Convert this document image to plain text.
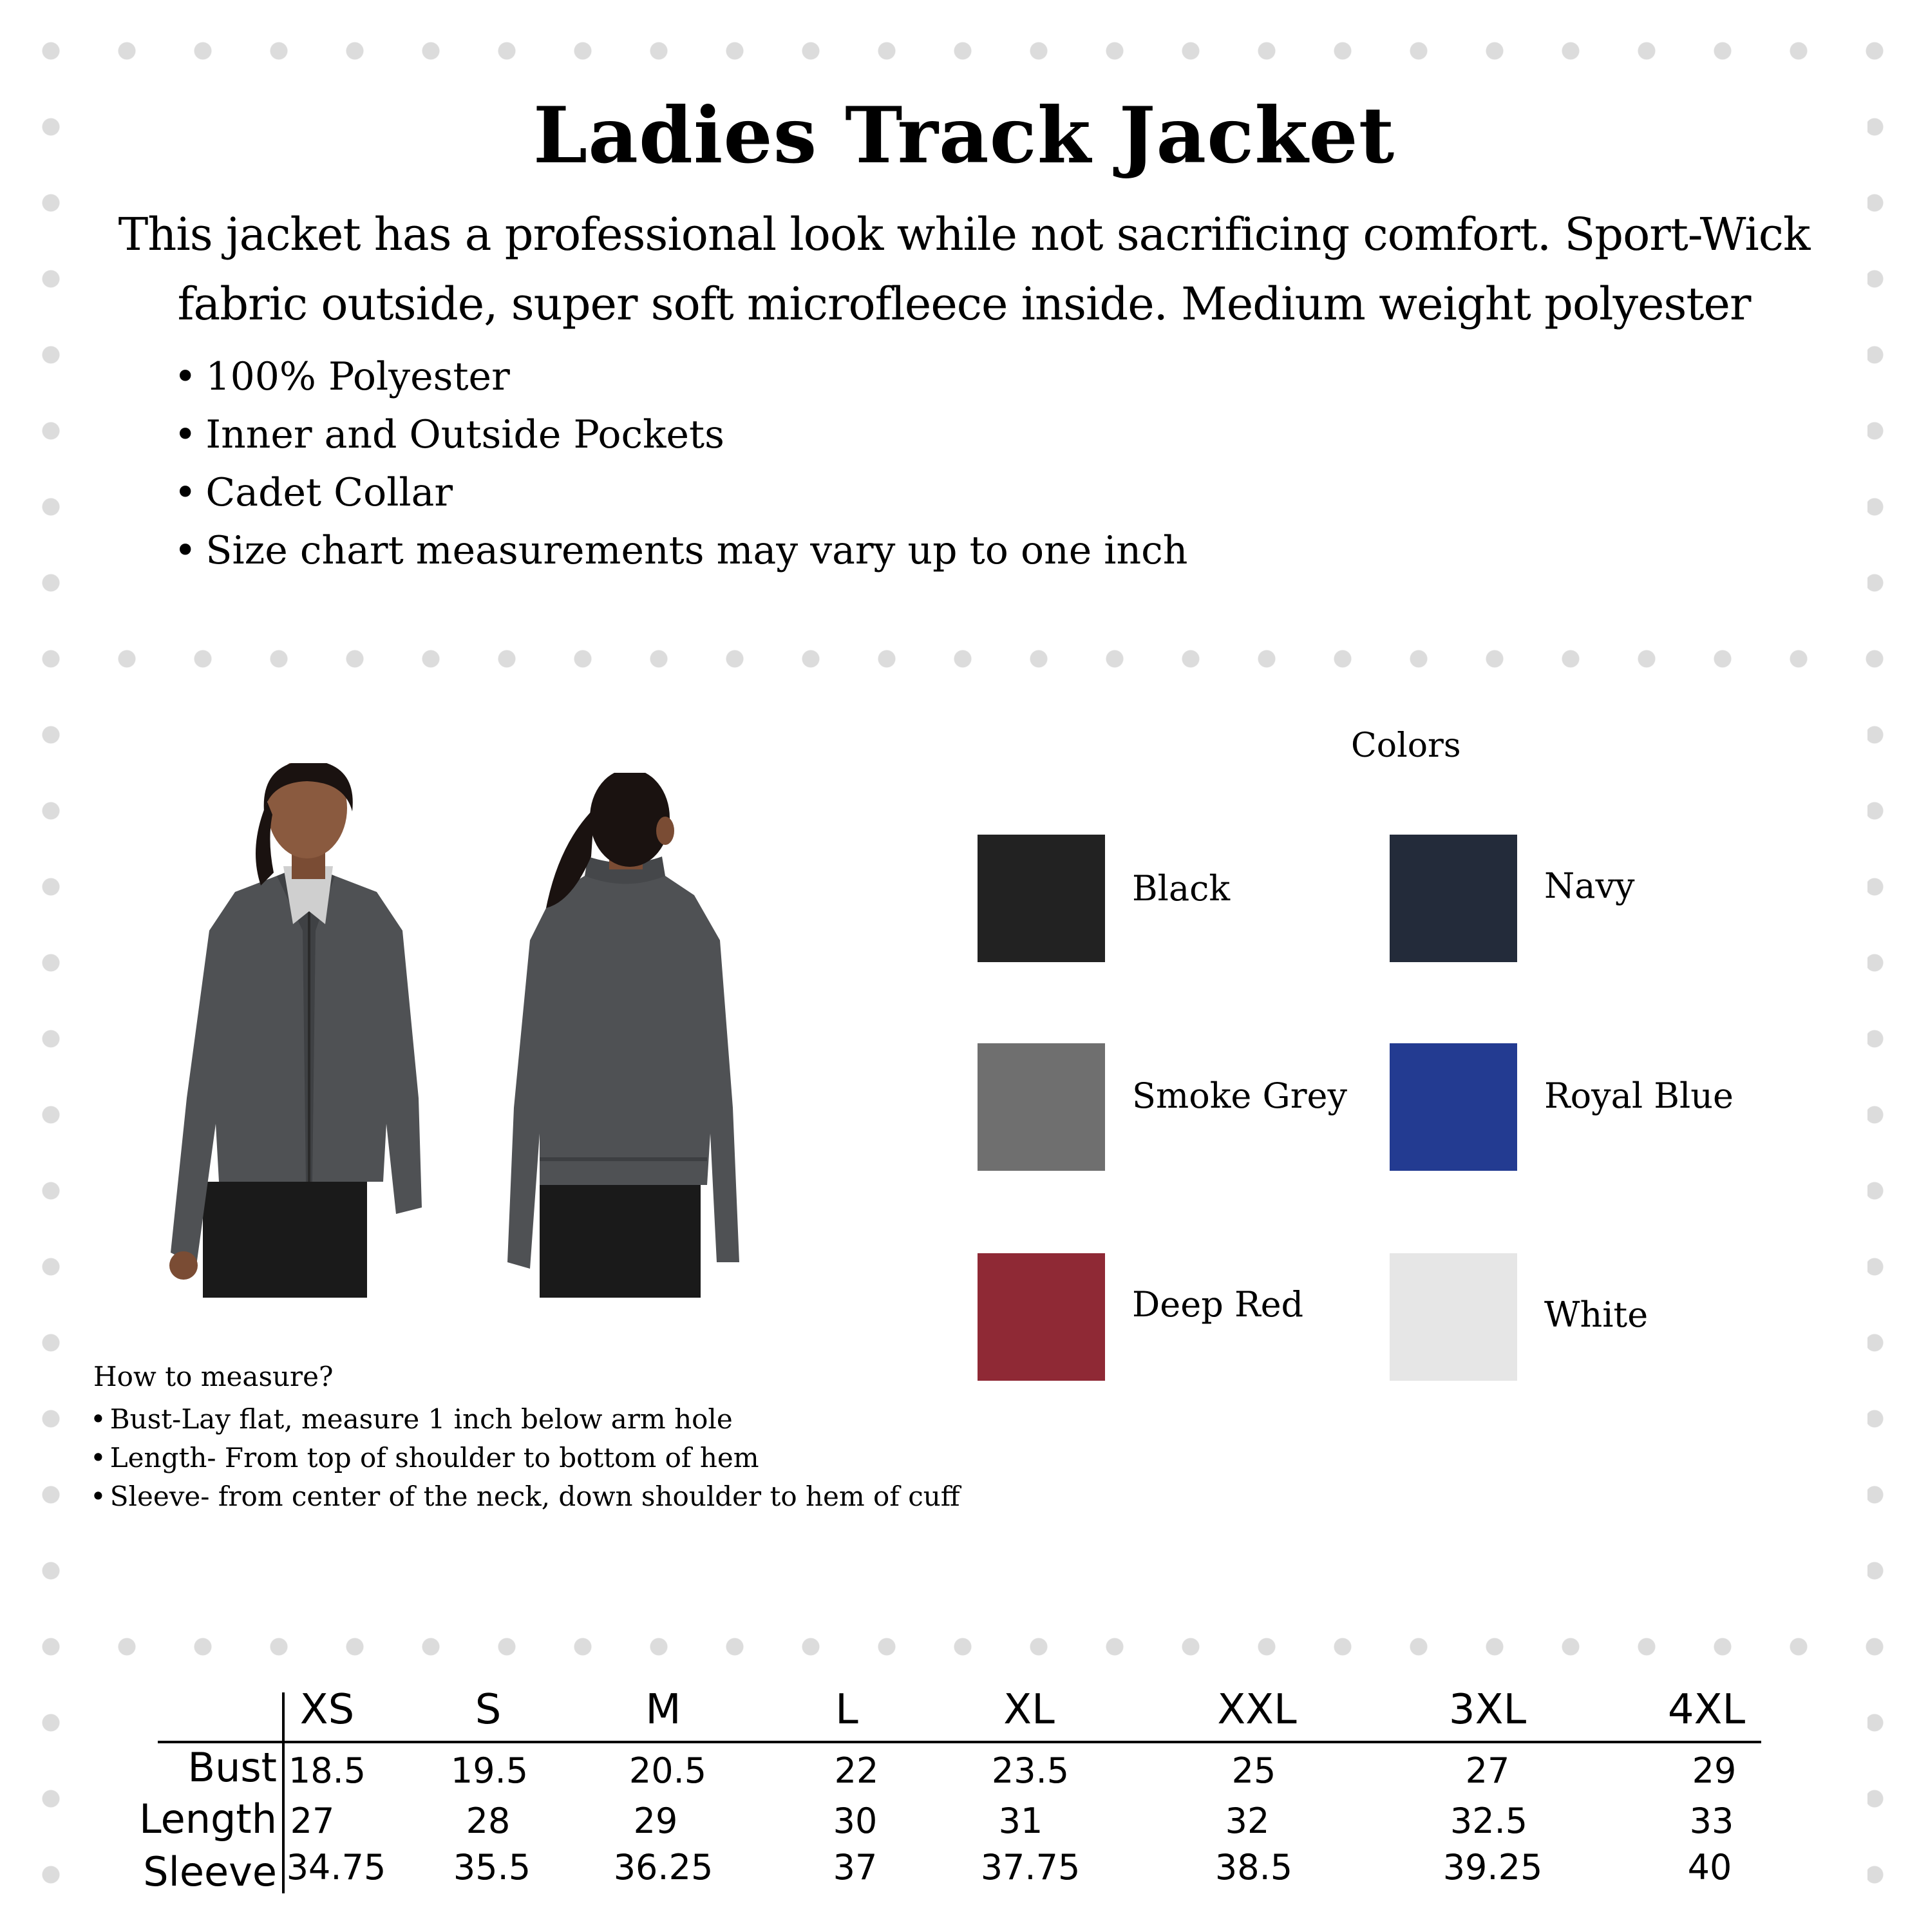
Ladies Track Jacket

This jacket has a professional look while not sacrificing comfort. Sport-Wick fabric outside, super soft microfleece inside. Medium weight polyester

• 100% Polyester
• Inner and Outside Pockets
• Cadet Collar
• Size chart measurements may vary up to one inch
How to measure?
• Bust-Lay flat, measure 1 inch below arm hole
• Length- From top of shoulder to bottom of hem
• Sleeve- from center of the neck, down shoulder to hem of cuff
Colors
Black	Navy
Smoke Grey	Royal Blue
Deep Red	White
XS	S	M	L	XL	XXL	3XL	4XL
Bust 18.5 19.5	20.5	22	23.5	25	27	29
Length 27	28	29	30	31	32	32.5	33
Sleeve 34.75 35.5 36.25	37	37.75	38.5	39.25	40
